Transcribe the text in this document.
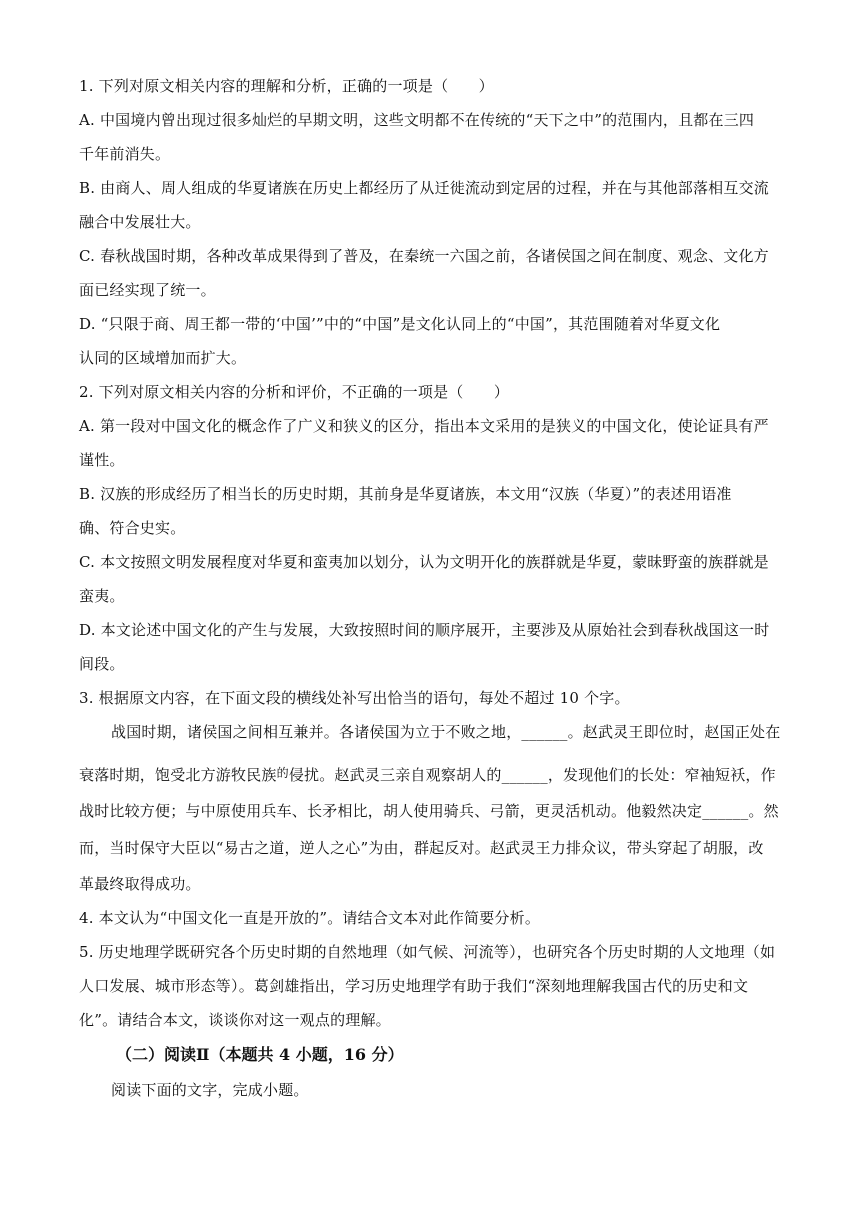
1. 下列对原文相关内容的理解和分析，正确的一项是（　　）
A. 中国境内曾出现过很多灿烂的早期文明，这些文明都不在传统的“天下之中”的范围内，且都在三四
千年前消失。
B. 由商人、周人组成的华夏诸族在历史上都经历了从迁徙流动到定居的过程，并在与其他部落相互交流
融合中发展壮大。
C. 春秋战国时期，各种改革成果得到了普及，在秦统一六国之前，各诸侯国之间在制度、观念、文化方
面已经实现了统一。
D. “只限于商、周王都一带的‘中国’”中的“中国”是文化认同上的“中国”，其范围随着对华夏文化
认同的区域增加而扩大。
2. 下列对原文相关内容的分析和评价，不正确的一项是（　　）
A. 第一段对中国文化的概念作了广义和狭义的区分，指出本文采用的是狭义的中国文化，使论证具有严
谨性。
B. 汉族的形成经历了相当长的历史时期，其前身是华夏诸族，本文用“汉族（华夏）”的表述用语准
确、符合史实。
C. 本文按照文明发展程度对华夏和蛮夷加以划分，认为文明开化的族群就是华夏，蒙昧野蛮的族群就是
蛮夷。
D. 本文论述中国文化的产生与发展，大致按照时间的顺序展开，主要涉及从原始社会到春秋战国这一时
间段。
3. 根据原文内容，在下面文段的横线处补写出恰当的语句，每处不超过 10 个字。
战国时期，诸侯国之间相互兼并。各诸侯国为立于不败之地，______。赵武灵王即位时，赵国正处在
衰落时期，饱受北方游牧民族$^的$侵扰。赵武灵三亲自观察胡人的______，发现他们的长处：窄袖短袄，作
战时比较方便；与中原使用兵车、长矛相比，胡人使用骑兵、弓箭，更灵活机动。他毅然决定______。然
而，当时保守大臣以“易古之道，逆人之心”为由，群起反对。赵武灵王力排众议，带头穿起了胡服，改
革最终取得成功。
4. 本文认为“中国文化一直是开放的”。请结合文本对此作简要分析。
5. 历史地理学既研究各个历史时期的自然地理（如气候、河流等），也研究各个历史时期的人文地理（如
人口发展、城市形态等）。葛剑雄指出，学习历史地理学有助于我们“深刻地理解我国古代的历史和文
化”。请结合本文，谈谈你对这一观点的理解。
（二）阅读Ⅱ（本题共 4 小题，16 分）
阅读下面的文字，完成小题。
